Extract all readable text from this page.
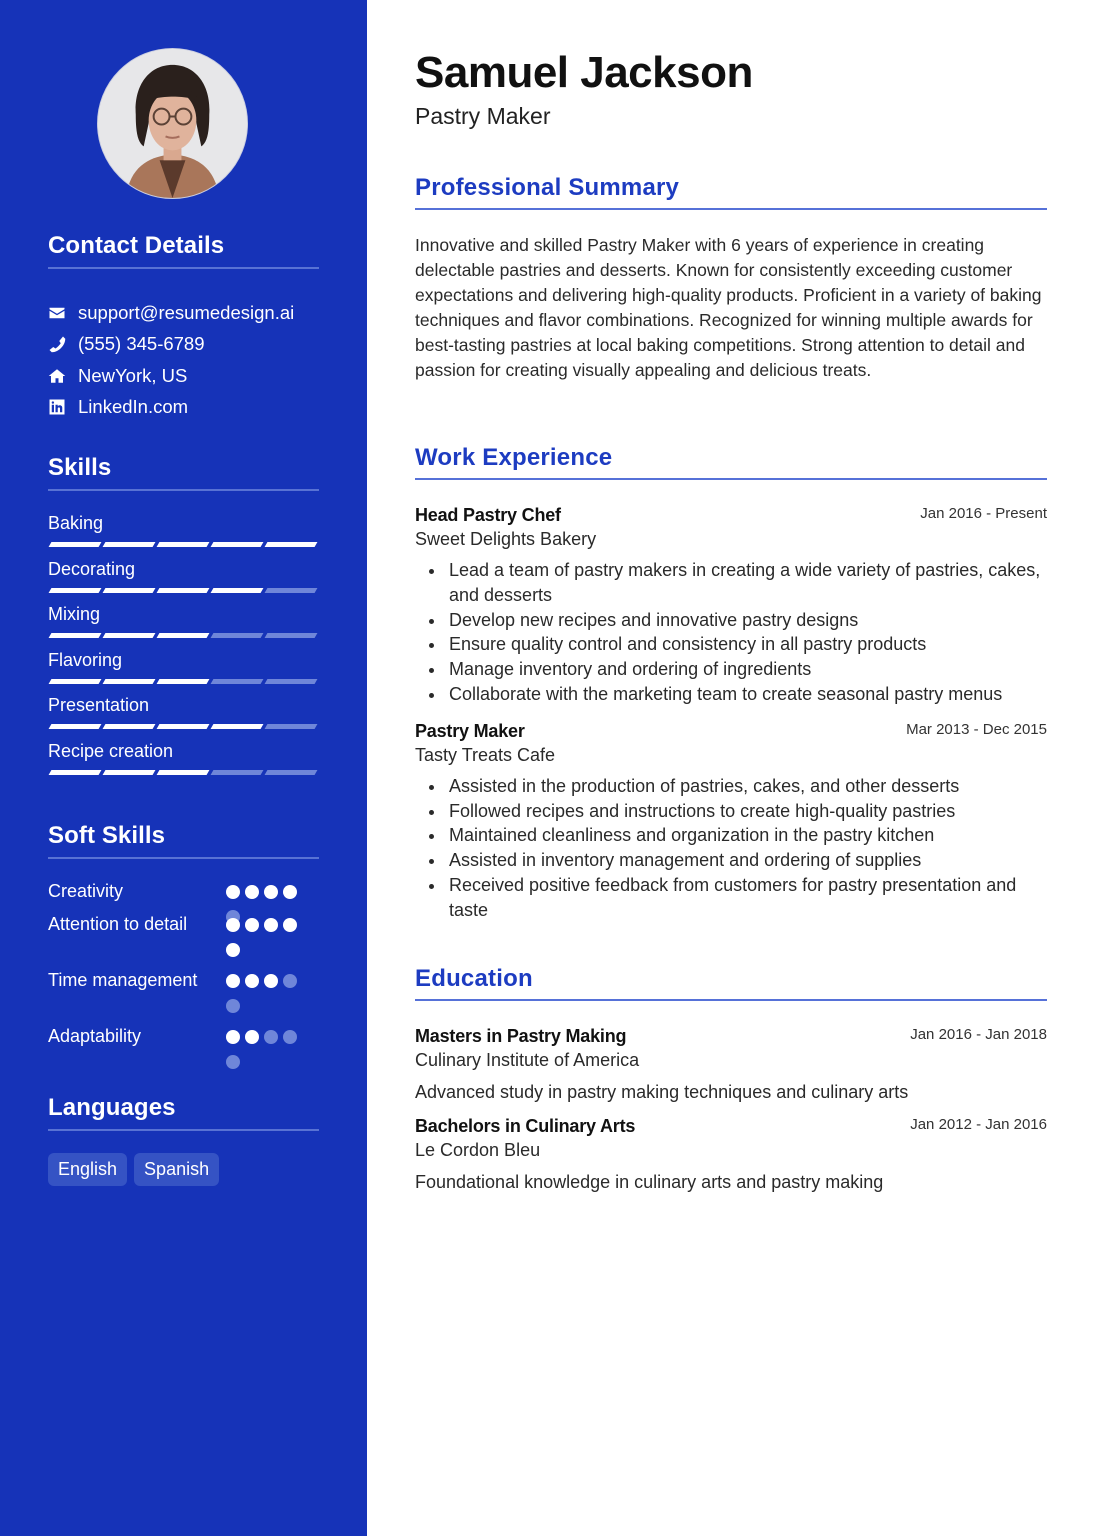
Contact Details
support@resumedesign.ai
(555) 345-6789
NewYork, US
LinkedIn.com
Skills
Baking
Decorating
Mixing
Flavoring
Presentation
Recipe creation
Soft Skills
Creativity
Attention to detail
Time management
Adaptability
Languages
English	Spanish
Samuel Jackson
Pastry Maker
Professional Summary

Innovative and skilled Pastry Maker with 6 years of experience in creating delectable pastries and desserts. Known for consistently exceeding customer expectations and delivering high-quality products. Proficient in a variety of baking techniques and flavor combinations. Recognized for winning multiple awards for best-tasting pastries at local baking competitions. Strong attention to detail and passion for creating visually appealing and delicious treats.

Work Experience
Head Pastry Chef	Jan 2016 - Present
Sweet Delights Bakery
Lead a team of pastry makers in creating a wide variety of pastries, cakes, and desserts
Develop new recipes and innovative pastry designs
Ensure quality control and consistency in all pastry products
Manage inventory and ordering of ingredients
Collaborate with the marketing team to create seasonal pastry menus
Pastry Maker	Mar 2013 - Dec 2015
Tasty Treats Cafe
Assisted in the production of pastries, cakes, and other desserts
Followed recipes and instructions to create high-quality pastries
Maintained cleanliness and organization in the pastry kitchen
Assisted in inventory management and ordering of supplies
Received positive feedback from customers for pastry presentation and taste
Education
Masters in Pastry Making	Jan 2016 - Jan 2018
Culinary Institute of America

Advanced study in pastry making techniques and culinary arts

Bachelors in Culinary Arts	Jan 2012 - Jan 2016
Le Cordon Bleu

Foundational knowledge in culinary arts and pastry making
